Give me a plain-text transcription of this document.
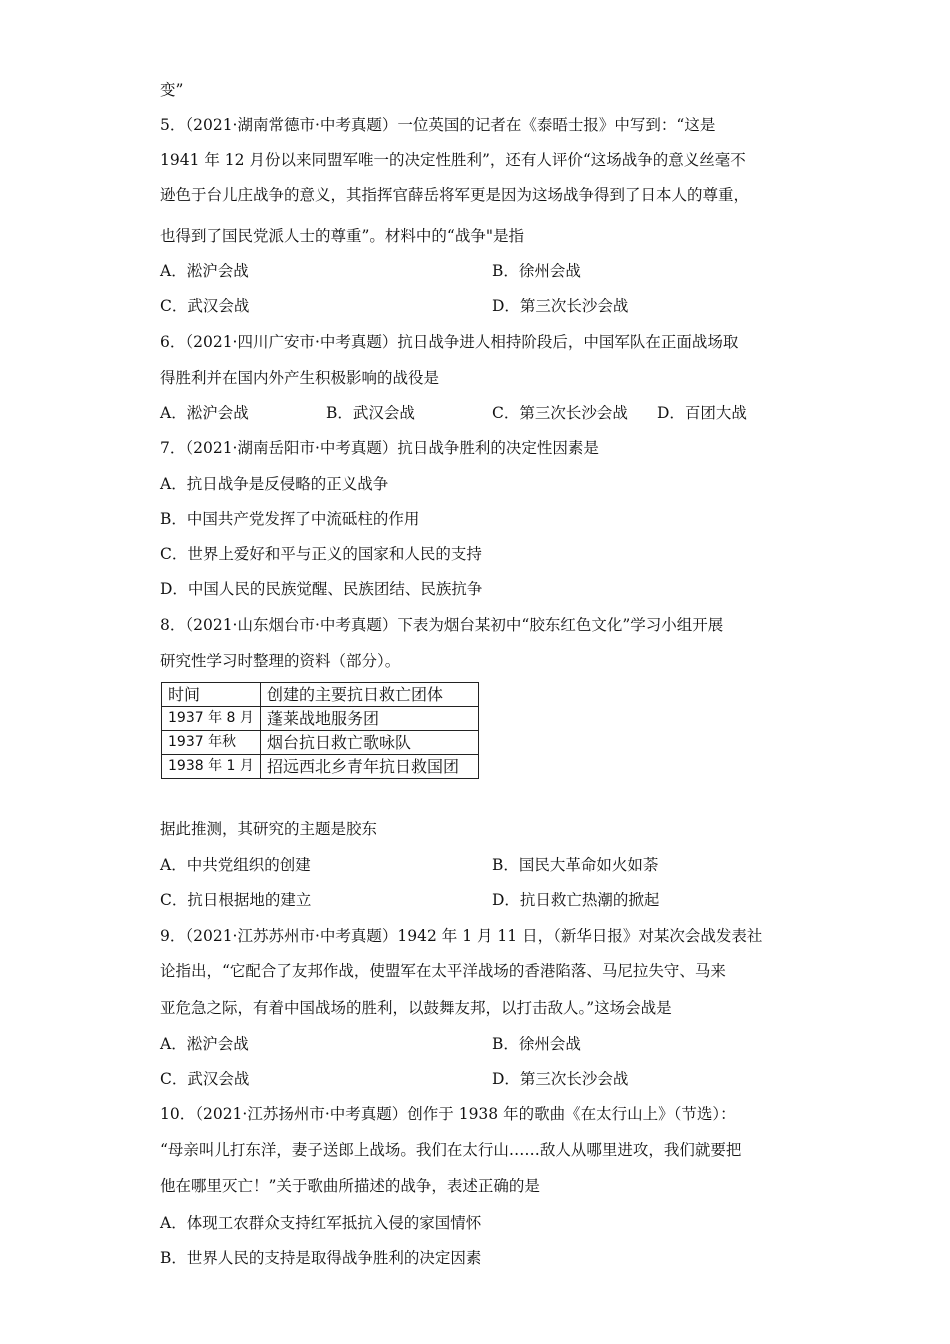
变”
5．（2021·湖南常德市·中考真题）一位英国的记者在《泰晤士报》中写到：“这是
1941 年 12 月份以来同盟军唯一的决定性胜利”，还有人评价“这场战争的意义丝毫不
逊色于台儿庄战争的意义，其指挥官薛岳将军更是因为这场战争得到了日本人的尊重，
也得到了国民党派人士的尊重”。材料中的“战争"是指
A．淞沪会战	B．徐州会战
C．武汉会战	D．第三次长沙会战
6．（2021·四川广安市·中考真题）抗日战争进人相持阶段后，中国军队在正面战场取
得胜利并在国内外产生积极影响的战役是
A．淞沪会战	B．武汉会战	C．第三次长沙会战 D．百团大战
7．（2021·湖南岳阳市·中考真题）抗日战争胜利的决定性因素是
A．抗日战争是反侵略的正义战争
B．中国共产党发挥了中流砥柱的作用
C．世界上爱好和平与正义的国家和人民的支持
D．中国人民的民族觉醒、民族团结、民族抗争
8．（2021·山东烟台市·中考真题）下表为烟台某初中“胶东红色文化”学习小组开展
研究性学习时整理的资料（部分）。
时间	创建的主要抗日救亡团体
1937 年 8 月	蓬莱战地服务团
1937 年秋	烟台抗日救亡歌咏队
1938 年 1 月	招远西北乡青年抗日救国团
据此推测，其研究的主题是胶东
A．中共党组织的创建	B．国民大革命如火如荼
C．抗日根据地的建立	D．抗日救亡热潮的掀起
9．（2021·江苏苏州市·中考真题）1942 年 1 月 11 日，（新华日报》对某次会战发表社
论指出，“它配合了友邦作战，使盟军在太平洋战场的香港陷落、马尼拉失守、马来
亚危急之际，有着中国战场的胜利，以鼓舞友邦，以打击敌人。”这场会战是
A．淞沪会战	B．徐州会战
C．武汉会战	D．第三次长沙会战
10．（2021·江苏扬州市·中考真题）创作于 1938 年的歌曲《在太行山上》（节选）：
“母亲叫儿打东洋，妻子送郎上战场。我们在太行山……敌人从哪里进攻，我们就要把
他在哪里灭亡！”关于歌曲所描述的战争，表述正确的是
A．体现工农群众支持红军抵抗入侵的家国情怀
B．世界人民的支持是取得战争胜利的决定因素
